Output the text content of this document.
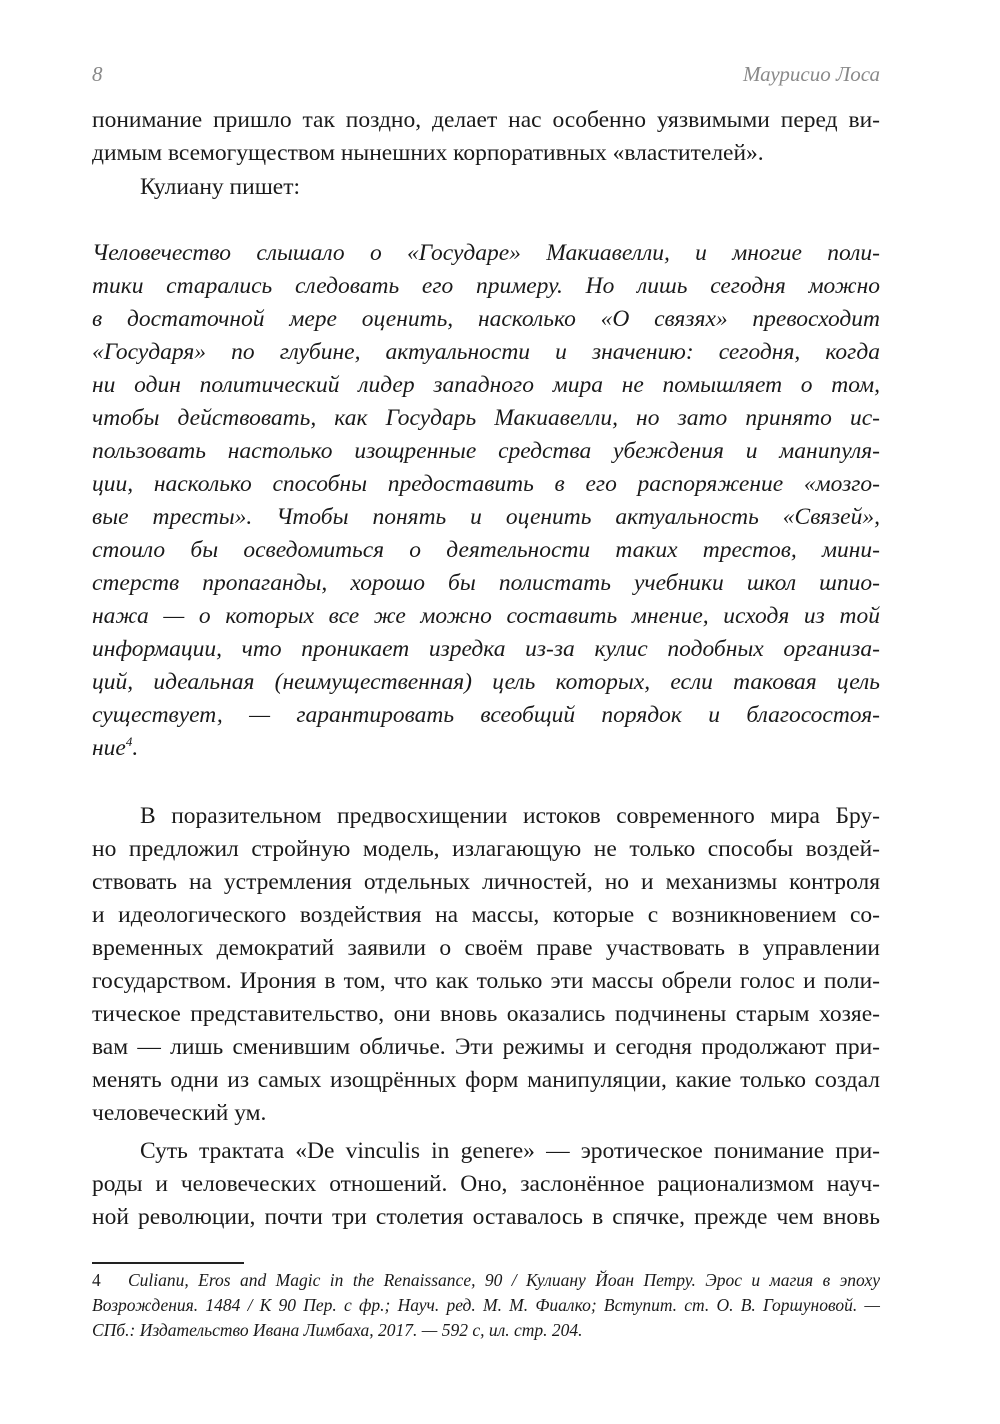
8	Маурисио Лоса
понимание пришло так поздно, делает нас особенно уязвимыми перед ви-
димым всемогуществом нынешних корпоративных «властителей».
Кулиану пишет:
Человечество слышало о «Государе» Макиавелли, и многие поли-
тики старались следовать его примеру. Но лишь сегодня можно
в достаточной мере оценить, насколько «О связях» превосходит
«Государя» по глубине, актуальности и значению: сегодня, когда
ни один политический лидер западного мира не помышляет о том,
чтобы действовать, как Государь Макиавелли, но зато принято ис-
пользовать настолько изощренные средства убеждения и манипуля-
ции, насколько способны предоставить в его распоряжение «мозго-
вые тресты». Чтобы понять и оценить актуальность «Связей»,
стоило бы осведомиться о деятельности таких трестов, мини-
стерств пропаганды, хорошо бы полистать учебники школ шпио-
нажа — о которых все же можно составить мнение, исходя из той
информации, что проникает изредка из-за кулис подобных организа-
ций, идеальная (неимущественная) цель которых, если таковая цель
существует, — гарантировать всеобщий порядок и благосостоя-
ние$^4$.
В поразительном предвосхищении истоков современного мира Бру-
но предложил стройную модель, излагающую не только способы воздей-
ствовать на устремления отдельных личностей, но и механизмы контроля
и идеологического воздействия на массы, которые с возникновением со-
временных демократий заявили о своём праве участвовать в управлении
государством. Ирония в том, что как только эти массы обрели голос и поли-
тическое представительство, они вновь оказались подчинены старым хозяе-
вам — лишь сменившим обличье. Эти режимы и сегодня продолжают при-
менять одни из самых изощрённых форм манипуляции, какие только создал
человеческий ум.
Суть трактата «De vinculis in genere» — эротическое понимание при-
роды и человеческих отношений. Оно, заслонённое рационализмом науч-
ной революции, почти три столетия оставалось в спячке, прежде чем вновь
4 Culianu, Eros and Magic in the Renaissance, 90 / Кулиану Йоан Петру. Эрос и магия в эпоху
Возрождения. 1484 / К 90 Пер. с фр.; Науч. ред. М. М. Фиалко; Вступит. ст. О. В. Горшуновой. —
СПб.: Издательство Ивана Лимбаха, 2017. — 592 с, ил. стр. 204.
